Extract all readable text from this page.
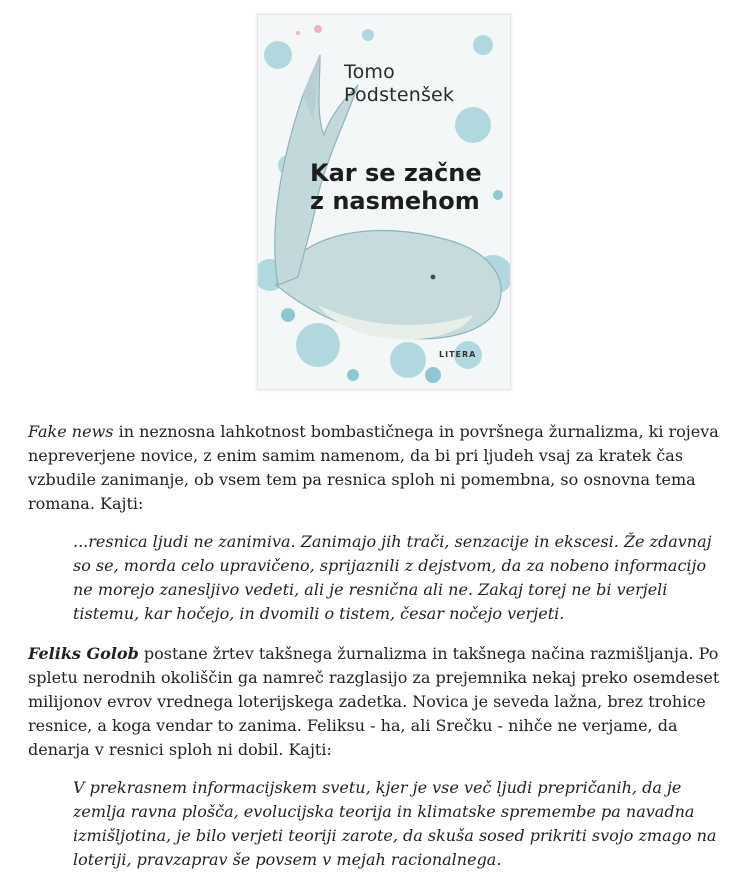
Tomo
Podstenšek
Kar se začne
z nasmehom
LITERA

Fake news in neznosna lahkotnost bombastičnega in površnega žurnalizma, ki rojeva nepreverjene novice, z enim samim namenom, da bi pri ljudeh vsaj za kratek čas vzbudile zanimanje, ob vsem tem pa resnica sploh ni pomembna, so osnovna tema romana. Kajti:

...resnica ljudi ne zanimiva. Zanimajo jih trači, senzacije in ekscesi. Že zdavnaj so se, morda celo upravičeno, sprijaznili z dejstvom, da za nobeno informacijo ne morejo zanesljivo vedeti, ali je resnična ali ne. Zakaj torej ne bi verjeli tistemu, kar hočejo, in dvomili o tistem, česar nočejo verjeti.

Feliks Golob postane žrtev takšnega žurnalizma in takšnega načina razmišljanja. Po spletu nerodnih okoliščin ga namreč razglasijo za prejemnika nekaj preko osemdeset milijonov evrov vrednega loterijskega zadetka. Novica je seveda lažna, brez trohice resnice, a koga vendar to zanima. Feliksu - ha, ali Srečku - nihče ne verjame, da denarja v resnici sploh ni dobil. Kajti:

V prekrasnem informacijskem svetu, kjer je vse več ljudi prepričanih, da je zemlja ravna plošča, evolucijska teorija in klimatske spremembe pa navadna izmišljotina, je bilo verjeti teoriji zarote, da skuša sosed prikriti svojo zmago na loteriji, pravzaprav še povsem v mejah racionalnega.
